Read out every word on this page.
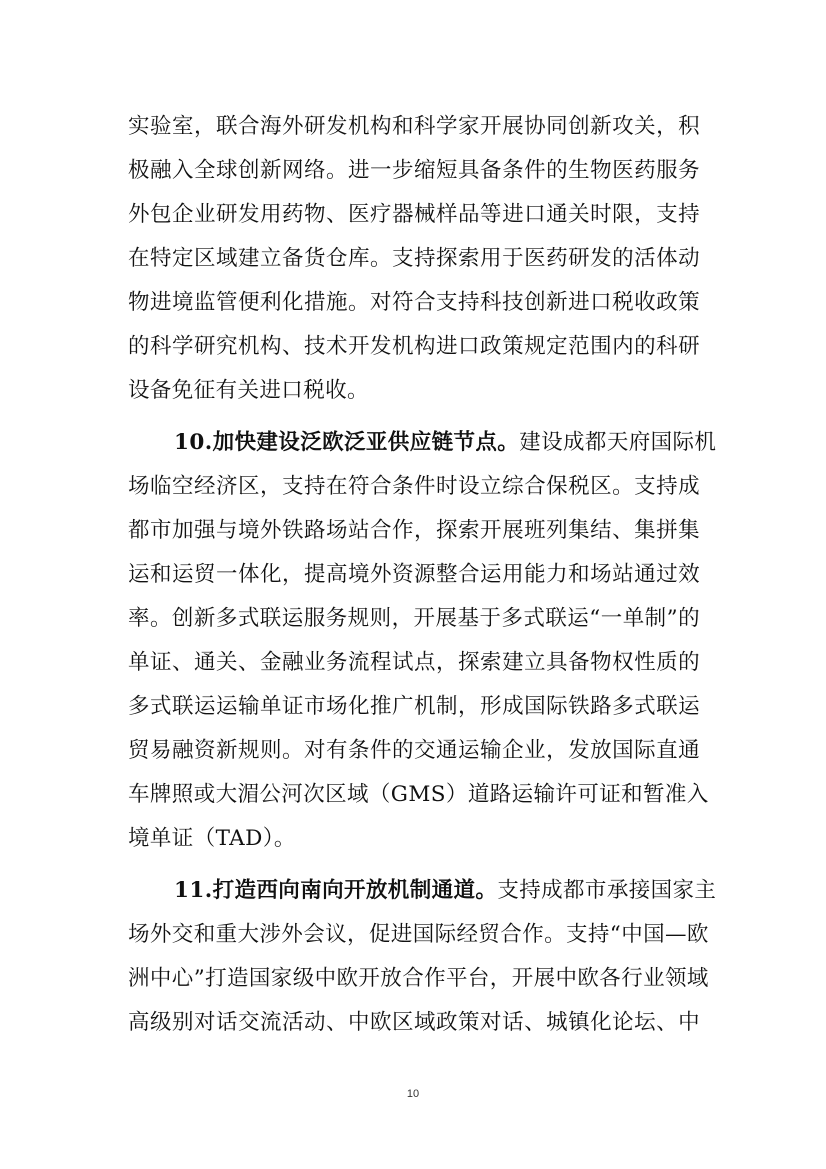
实验室，联合海外研发机构和科学家开展协同创新攻关，积
极融入全球创新网络。进一步缩短具备条件的生物医药服务
外包企业研发用药物、医疗器械样品等进口通关时限，支持
在特定区域建立备货仓库。支持探索用于医药研发的活体动
物进境监管便利化措施。对符合支持科技创新进口税收政策
的科学研究机构、技术开发机构进口政策规定范围内的科研
设备免征有关进口税收。
10.加快建设泛欧泛亚供应链节点。建设成都天府国际机
场临空经济区，支持在符合条件时设立综合保税区。支持成
都市加强与境外铁路场站合作，探索开展班列集结、集拼集
运和运贸一体化，提高境外资源整合运用能力和场站通过效
率。创新多式联运服务规则，开展基于多式联运“一单制”的
单证、通关、金融业务流程试点，探索建立具备物权性质的
多式联运运输单证市场化推广机制，形成国际铁路多式联运
贸易融资新规则。对有条件的交通运输企业，发放国际直通
车牌照或大湄公河次区域（GMS）道路运输许可证和暂准入
境单证（TAD）。
11.打造西向南向开放机制通道。支持成都市承接国家主
场外交和重大涉外会议，促进国际经贸合作。支持“中国—欧
洲中心”打造国家级中欧开放合作平台，开展中欧各行业领域
高级别对话交流活动、中欧区域政策对话、城镇化论坛、中
10
